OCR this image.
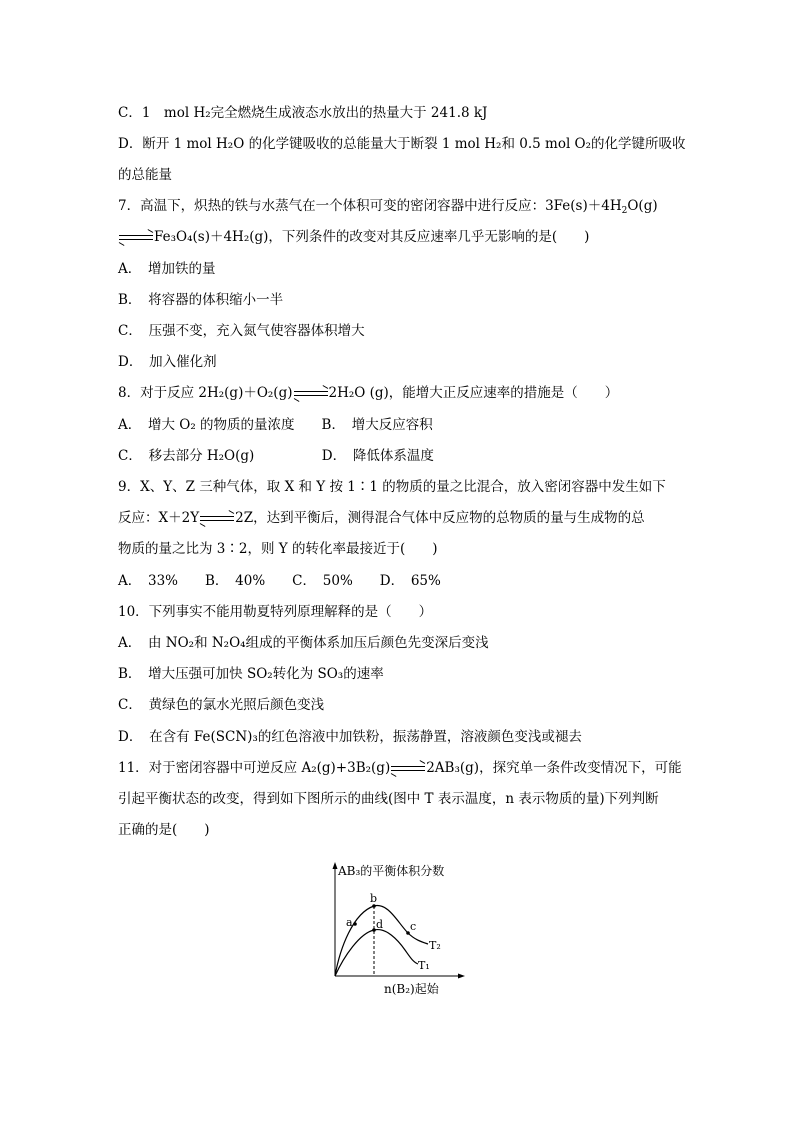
C．1　mol H₂完全燃烧生成液态水放出的热量大于 241.8 kJ
D．断开 1 mol H₂O 的化学键吸收的总能量大于断裂 1 mol H₂和 0.5 mol O₂的化学键所吸收
的总能量
7．高温下，炽热的铁与水蒸气在一个体积可变的密闭容器中进行反应：$3Fe(s)+4H_2O(g)$
Fe₃O₄(s)＋4H₂(g)，下列条件的改变对其反应速率几乎无影响的是(　　)
A．　增加铁的量
B．　将容器的体积缩小一半
C．　压强不变，充入氮气使容器体积增大
D．　加入催化剂
8．对于反应 2H₂(g)＋O₂(g)	2H₂O (g)，能增大正反应速率的措施是（　　）
A．　增大 O₂ 的物质的量浓度　　B．　增大反应容积
C．　移去部分 H₂O(g)　　　　　D．　降低体系温度
9．X、Y、Z 三种气体，取 X 和 Y 按 1∶1 的物质的量之比混合，放入密闭容器中发生如下
反应：X＋2Y	2Z，达到平衡后，测得混合气体中反应物的总物质的量与生成物的总
物质的量之比为 3∶2，则 Y 的转化率最接近于(　　)
A．　33%　　B．　40%　　C．　50%　　D．　65%
10．下列事实不能用勒夏特列原理解释的是（　　）
A．　由 NO₂和 N₂O₄组成的平衡体系加压后颜色先变深后变浅
B．　增大压强可加快 SO₂转化为 SO₃的速率
C．　黄绿色的氯水光照后颜色变浅
D．　在含有 Fe(SCN)₃的红色溶液中加铁粉，振荡静置，溶液颜色变浅或褪去
11．对于密闭容器中可逆反应 A₂(g)+3B₂(g)	2AB₃(g)，探究单一条件改变情况下，可能
引起平衡状态的改变，得到如下图所示的曲线(图中 T 表示温度，n 表示物质的量)下列判断
正确的是(　　)
AB₃的平衡体积分数
a
b
c
d
T₂
T₁
n(B₂)起始
